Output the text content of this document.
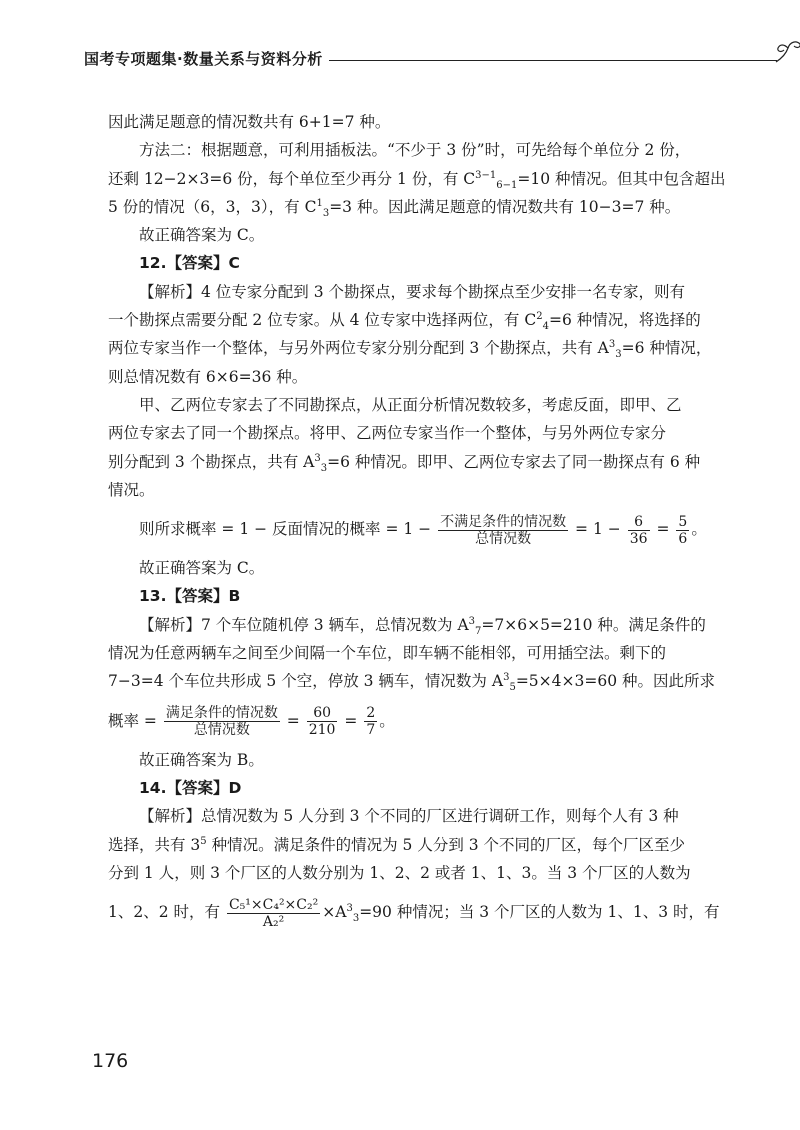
国考专项题集·数量关系与资料分析
因此满足题意的情况数共有 6+1=7 种。
方法二：根据题意，可利用插板法。“不少于 3 份”时，可先给每个单位分 2 份，
还剩 12−2×3=6 份，每个单位至少再分 1 份，有 $C^{3-1}_{6-1}=10$ 种情况。但其中包含超出
5 份的情况（6，3，3），有 $C^1_3=3$ 种。因此满足题意的情况数共有 10−3=7 种。
故正确答案为 C。
12.【答案】C
【解析】4 位专家分配到 3 个勘探点，要求每个勘探点至少安排一名专家，则有
一个勘探点需要分配 2 位专家。从 4 位专家中选择两位，有 $C^2_4=6$ 种情况，将选择的
两位专家当作一个整体，与另外两位专家分别分配到 3 个勘探点，共有 $A^3_3=6$ 种情况，
则总情况数有 6×6=36 种。
甲、乙两位专家去了不同勘探点，从正面分析情况数较多，考虑反面，即甲、乙
两位专家去了同一个勘探点。将甲、乙两位专家当作一个整体，与另外两位专家分
别分配到 3 个勘探点，共有 $A^3_3=6$ 种情况。即甲、乙两位专家去了同一勘探点有 6 种
情况。
则所求概率 = 1 − 反面情况的概率 = $1 - \frac{\text{不满足条件的情况数}}{\text{总情况数}} = 1 - \frac{6}{36} = \frac{5}{6}$ 。
故正确答案为 C。
13.【答案】B
【解析】7 个车位随机停 3 辆车，总情况数为 $A^3_7=7\times 6\times 5=210$ 种。满足条件的
情况为任意两辆车之间至少间隔一个车位，即车辆不能相邻，可用插空法。剩下的
7−3=4 个车位共形成 5 个空，停放 3 辆车，情况数为 $A^3_5=5\times 4\times 3=60$ 种。因此所求
概率 = $\frac{\text{满足条件的情况数}}{\text{总情况数}} = \frac{60}{210} = \frac{2}{7}$ 。
故正确答案为 B。
14.【答案】D
【解析】总情况数为 5 人分到 3 个不同的厂区进行调研工作，则每个人有 3 种
选择，共有 $3^5$ 种情况。满足条件的情况为 5 人分到 3 个不同的厂区，每个厂区至少
分到 1 人，则 3 个厂区的人数分别为 1、2、2 或者 1、1、3。当 3 个厂区的人数为
1、2、2 时，有 $\frac{\text{C₅¹×C₄²×C₂²}}{\text{A₂²}} \times A^3_3=90$ 种情况；当 3 个厂区的人数为 1、1、3 时，有
176
